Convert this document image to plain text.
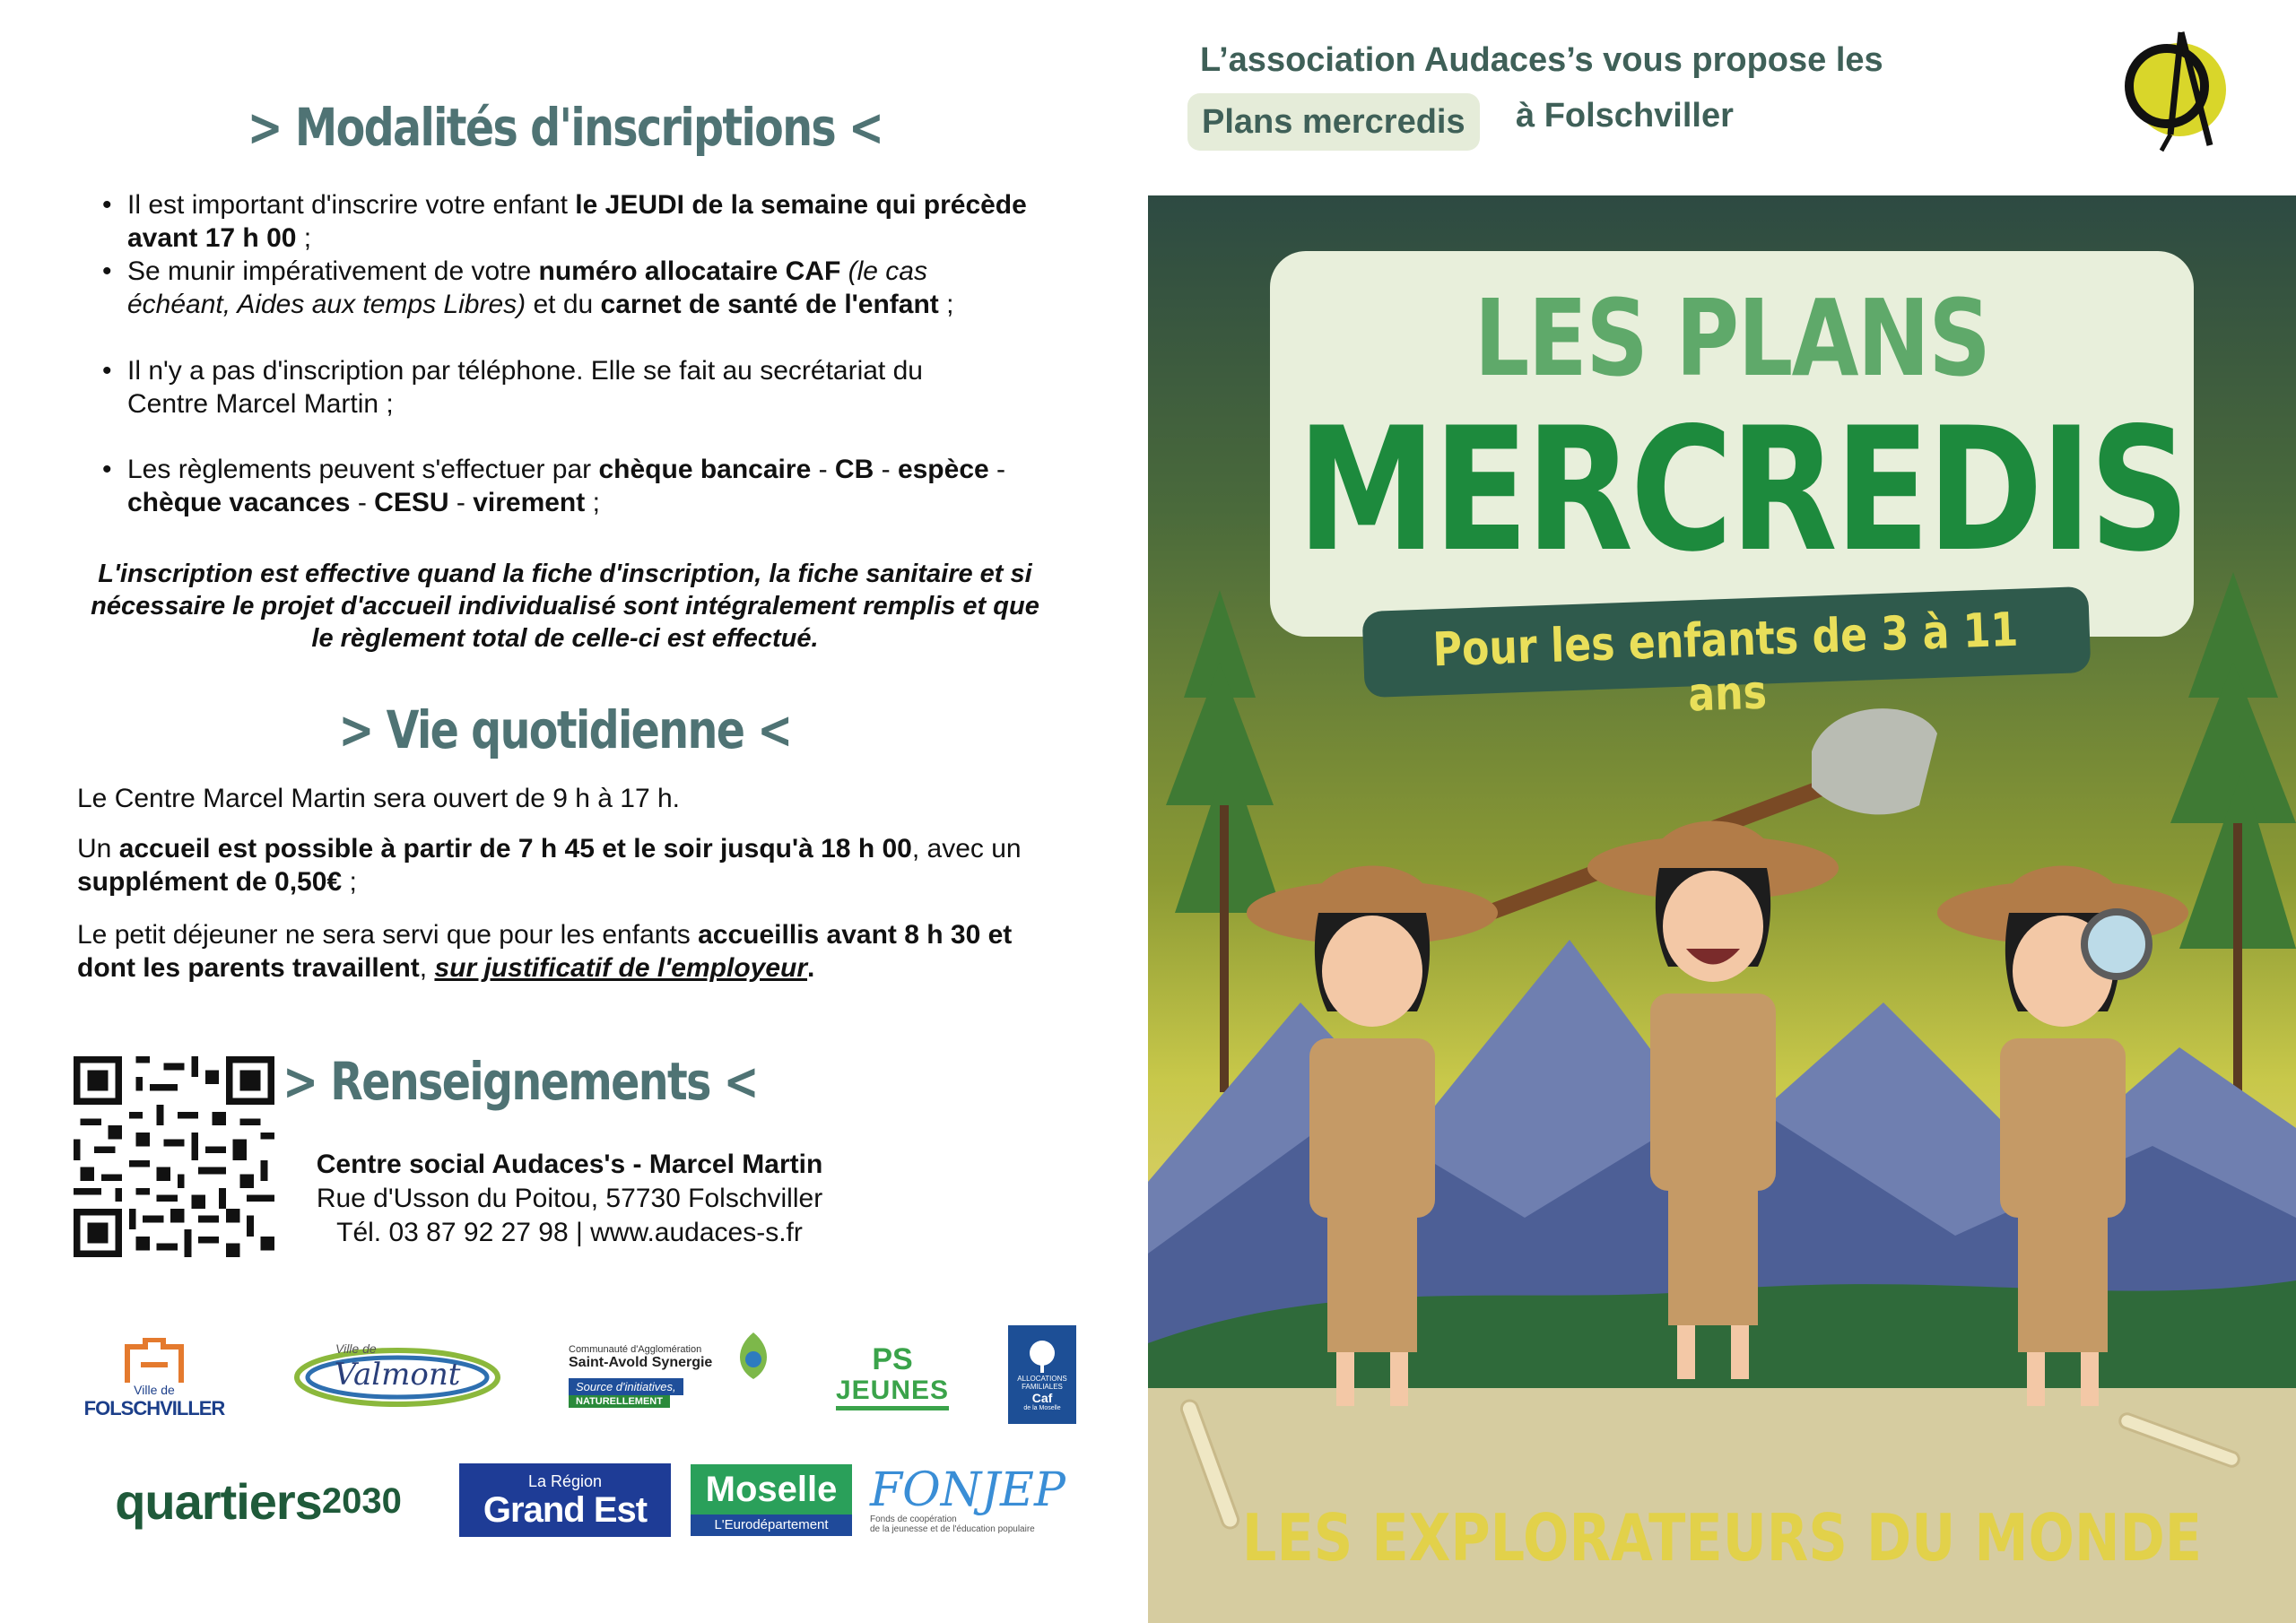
> Modalités d'inscriptions <
• Il est important d'inscrire votre enfant le JEUDI de la semaine qui précède
avant 17 h 00 ;
• Se munir impérativement de votre numéro allocataire CAF (le cas
échéant, Aides aux temps Libres) et du carnet de santé de l'enfant ;
• Il n'y a pas d'inscription par téléphone. Elle se fait au secrétariat du
Centre Marcel Martin ;
• Les règlements peuvent s'effectuer par chèque bancaire - CB - espèce -
chèque vacances - CESU - virement ;
L'inscription est effective quand la fiche d'inscription, la fiche sanitaire et si
nécessaire le projet d'accueil individualisé sont intégralement remplis et que
le règlement total de celle-ci est effectué.
> Vie quotidienne <
Le Centre Marcel Martin sera ouvert de 9 h à 17 h.
Un accueil est possible à partir de 7 h 45 et le soir jusqu'à 18 h 00, avec un
supplément de 0,50€ ;
Le petit déjeuner ne sera servi que pour les enfants accueillis avant 8 h 30 et
dont les parents travaillent, sur justificatif de l'employeur.
> Renseignements <
Centre social Audaces's - Marcel Martin
Rue d'Usson du Poitou, 57730 Folschviller
Tél. 03 87 92 27 98 | www.audaces-s.fr
Ville de
FOLSCHVILLER
Ville de
Valmont
Communauté d'Agglomération
Saint-Avold Synergie
Source d'initiatives,
NATURELLEMENT
PS
JEUNES	ALLOCATIONS
FAMILIALES
Caf
de la Moselle
quartiers 2030	La Région
Grand Est
Moselle
L'Eurodépartement
FONJEP
Fonds de coopération
de la jeunesse et de l'éducation populaire
L’association Audaces’s vous propose les
Plans mercredis	à Folschviller
LES PLANS
MERCREDIS
Pour les enfants de 3 à 11 ans
LES EXPLORATEURS DU MONDE
